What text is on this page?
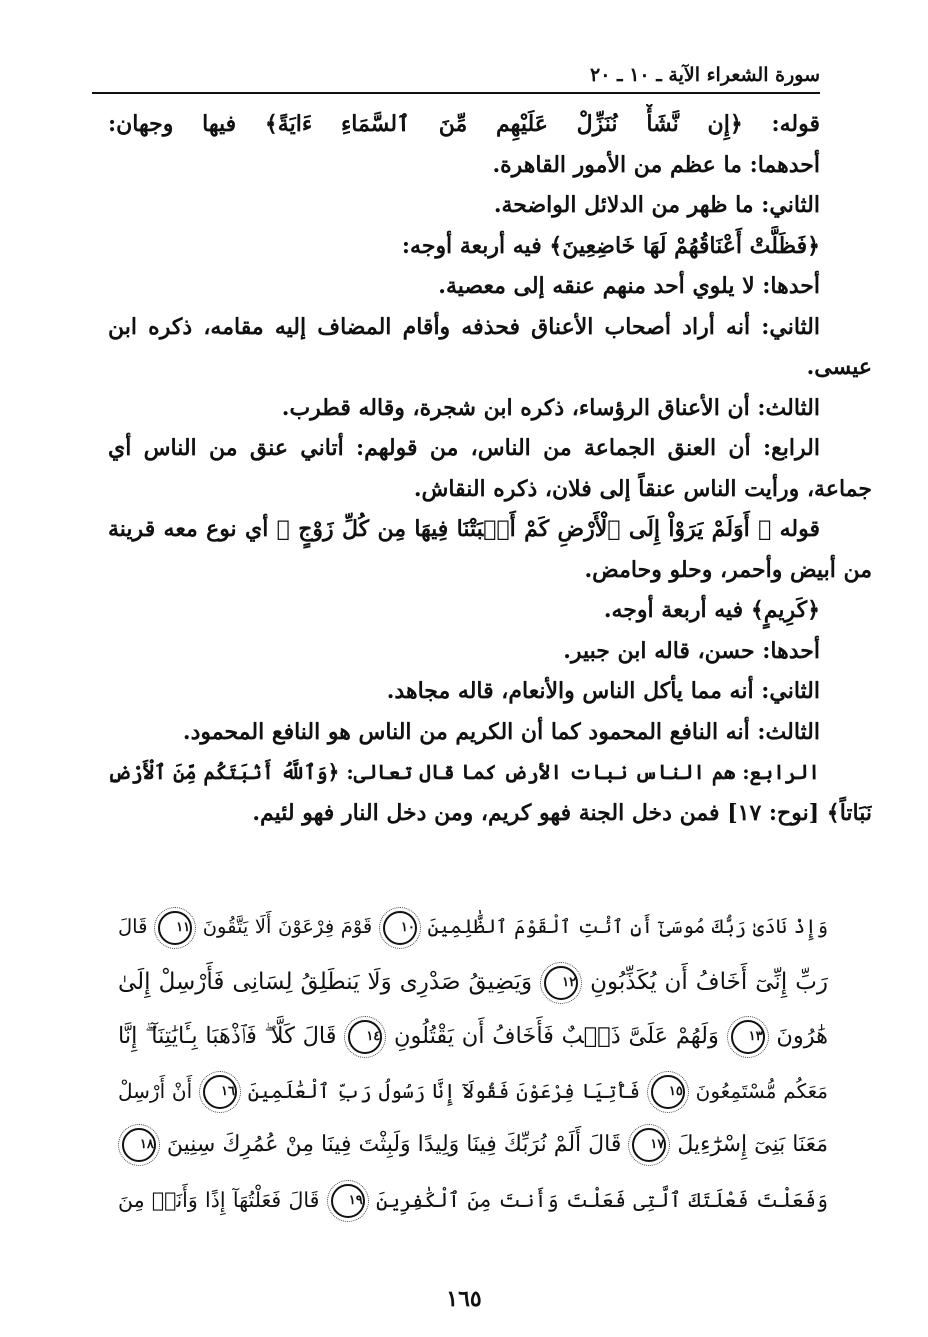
سورة الشعراء الآية ـ ١٠ ـ ٢٠
قوله: ﴿إِن نَّشَأْ نُنَزِّلْ عَلَيْهِم مِّنَ ٱلسَّمَاءِ ءَايَةً﴾ فيها وجهان:
أحدهما: ما عظم من الأمور القاهرة.
الثاني: ما ظهر من الدلائل الواضحة.
﴿فَظَلَّتْ أَعْنَاقُهُمْ لَهَا خَاضِعِينَ﴾ فيه أربعة أوجه:
أحدها: لا يلوي أحد منهم عنقه إلى معصية.
الثاني: أنه أراد أصحاب الأعناق فحذفه وأقام المضاف إليه مقامه، ذكره ابن
عيسى.
الثالث: أن الأعناق الرؤساء، ذكره ابن شجرة، وقاله قطرب.
الرابع: أن العنق الجماعة من الناس، من قولهم: أتاني عنق من الناس أي
جماعة، ورأيت الناس عنقاً إلى فلان، ذكره النقاش.
قوله ﴿ أَوَلَمْ يَرَوْاْ إِلَى ٱلْأَرْضِ كَمْ أَنۢبَتْنَا فِيهَا مِن كُلِّ زَوْجٍ ﴾ أي نوع معه قرينة
من أبيض وأحمر، وحلو وحامض.
﴿كَرِيمٍ﴾ فيه أربعة أوجه.
أحدها: حسن، قاله ابن جبير.
الثاني: أنه مما يأكل الناس والأنعام، قاله مجاهد.
الثالث: أنه النافع المحمود كما أن الكريم من الناس هو النافع المحمود.
الرابع: هم الناس نبات الأرض كما قال تعالى: ﴿وَٱللَّهُ أَنۢبَتَكُم مِّنَ ٱلْأَرْضِ
نَبَاتاً﴾ [نوح: ١٧] فمن دخل الجنة فهو كريم، ومن دخل النار فهو لئيم.
وَإِذْ نَادَىٰ رَبُّكَ مُوسَىٰٓ أَنِ ٱئْتِ ٱلْقَوْمَ ٱلظَّٰلِمِينَ ١٠ قَوْمَ فِرْعَوْنَ أَلَا يَتَّقُونَ ١١ قَالَ
رَبِّ إِنِّىٓ أَخَافُ أَن يُكَذِّبُونِ ١٢ وَيَضِيقُ صَدْرِى وَلَا يَنطَلِقُ لِسَانِى فَأَرْسِلْ إِلَىٰ
هَٰرُونَ ١٣ وَلَهُمْ عَلَىَّ ذَنۢبٌ فَأَخَافُ أَن يَقْتُلُونِ ١٤ قَالَ كَلَّا ۖ فَٱذْهَبَا بِـَٔايَٰتِنَآ ۖ إِنَّا
مَعَكُم مُّسْتَمِعُونَ ١٥ فَأْتِيَا فِرْعَوْنَ فَقُولَآ إِنَّا رَسُولُ رَبِّ ٱلْعَٰلَمِينَ ١٦ أَنْ أَرْسِلْ
مَعَنَا بَنِىٓ إِسْرَٰٓءِيلَ ١٧ قَالَ أَلَمْ نُرَبِّكَ فِينَا وَلِيدًا وَلَبِثْتَ فِينَا مِنْ عُمُرِكَ سِنِينَ ١٨
وَفَعَلْتَ فَعْلَتَكَ ٱلَّتِى فَعَلْتَ وَأَنتَ مِنَ ٱلْكَٰفِرِينَ ١٩ قَالَ فَعَلْتُهَآ إِذًا وَأَنَا۠ مِنَ
١٦٥
